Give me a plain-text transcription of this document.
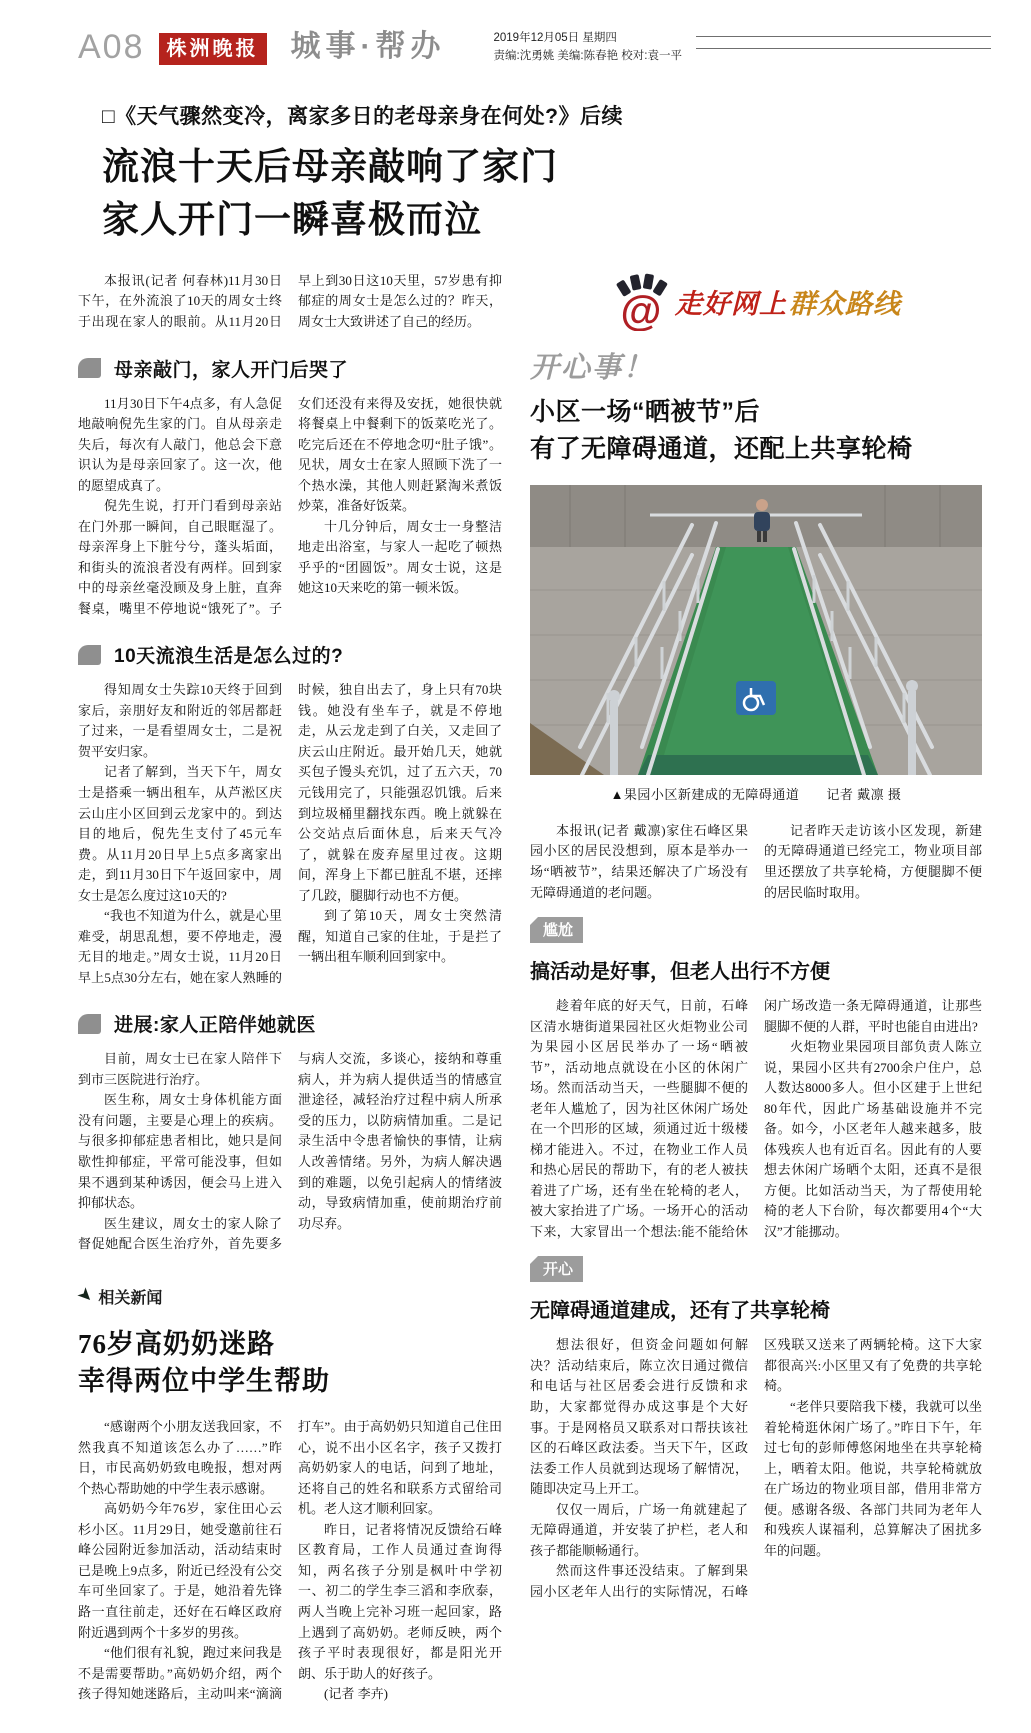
A08	株洲晚报 城事·帮办	2019年12月05日 星期四
责编:沈勇姚 美编:陈春艳 校对:袁一平
□《天气骤然变冷，离家多日的老母亲身在何处?》后续
流浪十天后母亲敲响了家门
家人开门一瞬喜极而泣

本报讯(记者 何春林)11月30日下午，在外流浪了10天的周女士终于出现在家人的眼前。从11月20日早上到30日这10天里，57岁患有抑郁症的周女士是怎么过的？昨天，周女士大致讲述了自己的经历。

母亲敲门，家人开门后哭了

11月30日下午4点多，有人急促地敲响倪先生家的门。自从母亲走失后，每次有人敲门，他总会下意识认为是母亲回家了。这一次，他的愿望成真了。

倪先生说，打开门看到母亲站在门外那一瞬间，自己眼眶湿了。母亲浑身上下脏兮兮，蓬头垢面，和街头的流浪者没有两样。回到家中的母亲丝毫没顾及身上脏，直奔餐桌，嘴里不停地说“饿死了”。子女们还没有来得及安抚，她很快就将餐桌上中餐剩下的饭菜吃光了。吃完后还在不停地念叨“肚子饿”。见状，周女士在家人照顾下洗了一个热水澡，其他人则赶紧淘米煮饭炒菜，准备好饭菜。

十几分钟后，周女士一身整洁地走出浴室，与家人一起吃了顿热乎乎的“团圆饭”。周女士说，这是她这10天来吃的第一顿米饭。

10天流浪生活是怎么过的?

得知周女士失踪10天终于回到家后，亲朋好友和附近的邻居都赶了过来，一是看望周女士，二是祝贺平安归家。

记者了解到，当天下午，周女士是搭乘一辆出租车，从芦淞区庆云山庄小区回到云龙家中的。到达目的地后，倪先生支付了45元车费。从11月20日早上5点多离家出走，到11月30日下午返回家中，周女士是怎么度过这10天的?

“我也不知道为什么，就是心里难受，胡思乱想，要不停地走，漫无目的地走。”周女士说，11月20日早上5点30分左右，她在家人熟睡的时候，独自出去了，身上只有70块钱。她没有坐车子，就是不停地走，从云龙走到了白关，又走回了庆云山庄附近。最开始几天，她就买包子馒头充饥，过了五六天，70元钱用完了，只能强忍饥饿。后来到垃圾桶里翻找东西。晚上就躲在公交站点后面休息，后来天气冷了，就躲在废弃屋里过夜。这期间，浑身上下都已脏乱不堪，还摔了几跤，腿脚行动也不方便。

到了第10天，周女士突然清醒，知道自己家的住址，于是拦了一辆出租车顺利回到家中。

进展:家人正陪伴她就医

目前，周女士已在家人陪伴下到市三医院进行治疗。

医生称，周女士身体机能方面没有问题，主要是心理上的疾病。与很多抑郁症患者相比，她只是间歇性抑郁症，平常可能没事，但如果不遇到某种诱因，便会马上进入抑郁状态。

医生建议，周女士的家人除了督促她配合医生治疗外，首先要多与病人交流，多谈心，接纳和尊重病人，并为病人提供适当的情感宣泄途径，减轻治疗过程中病人所承受的压力，以防病情加重。二是记录生活中令患者愉快的事情，让病人改善情绪。另外，为病人解决遇到的难题，以免引起病人的情绪波动，导致病情加重，使前期治疗前功尽弃。

➤ 相关新闻
76岁高奶奶迷路
幸得两位中学生帮助

“感谢两个小朋友送我回家，不然我真不知道该怎么办了……”昨日，市民高奶奶致电晚报，想对两个热心帮助她的中学生表示感谢。

高奶奶今年76岁，家住田心云杉小区。11月29日，她受邀前往石峰公园附近参加活动，活动结束时已是晚上9点多，附近已经没有公交车可坐回家了。于是，她沿着先锋路一直往前走，还好在石峰区政府附近遇到两个十多岁的男孩。

“他们很有礼貌，跑过来问我是不是需要帮助。”高奶奶介绍，两个孩子得知她迷路后，主动叫来“滴滴打车”。由于高奶奶只知道自己住田心，说不出小区名字，孩子又拨打高奶奶家人的电话，问到了地址，还将自己的姓名和联系方式留给司机。老人这才顺利回家。

昨日，记者将情况反馈给石峰区教育局，工作人员通过查询得知，两名孩子分别是枫叶中学初一、初二的学生李三滔和李欣泰，两人当晚上完补习班一起回家，路上遇到了高奶奶。老师反映，两个孩子平时表现很好，都是阳光开朗、乐于助人的好孩子。

(记者 李卉)

@ 走好网上 群众路线
开心事！
小区一场“晒被节”后
有了无障碍通道，还配上共享轮椅
▲果园小区新建成的无障碍通道　　记者 戴凛 摄

本报讯(记者 戴凛)家住石峰区果园小区的居民没想到，原本是举办一场“晒被节”，结果还解决了广场没有无障碍通道的老问题。

记者昨天走访该小区发现，新建的无障碍通道已经完工，物业项目部里还摆放了共享轮椅，方便腿脚不便的居民临时取用。

尴尬
搞活动是好事，但老人出行不方便

趁着年底的好天气，日前，石峰区清水塘街道果园社区火炬物业公司为果园小区居民举办了一场“晒被节”，活动地点就设在小区的休闲广场。然而活动当天，一些腿脚不便的老年人尴尬了，因为社区休闲广场处在一个凹形的区域，须通过近十级楼梯才能进入。不过，在物业工作人员和热心居民的帮助下，有的老人被扶着进了广场，还有坐在轮椅的老人，被大家抬进了广场。一场开心的活动下来，大家冒出一个想法:能不能给休闲广场改造一条无障碍通道，让那些腿脚不便的人群，平时也能自由进出?

火炬物业果园项目部负责人陈立说，果园小区共有2700余户住户，总人数达8000多人。但小区建于上世纪80年代，因此广场基础设施并不完备。如今，小区老年人越来越多，肢体残疾人也有近百名。因此有的人要想去休闲广场晒个太阳，还真不是很方便。比如活动当天，为了帮使用轮椅的老人下台阶，每次都要用4个“大汉”才能挪动。

开心
无障碍通道建成，还有了共享轮椅

想法很好，但资金问题如何解决？活动结束后，陈立次日通过微信和电话与社区居委会进行反馈和求助，大家都觉得办成这事是个大好事。于是网格员又联系对口帮扶该社区的石峰区政法委。当天下午，区政法委工作人员就到达现场了解情况，随即决定马上开工。

仅仅一周后，广场一角就建起了无障碍通道，并安装了护栏，老人和孩子都能顺畅通行。

然而这件事还没结束。了解到果园小区老年人出行的实际情况，石峰区残联又送来了两辆轮椅。这下大家都很高兴:小区里又有了免费的共享轮椅。

“老伴只要陪我下楼，我就可以坐着轮椅逛休闲广场了。”昨日下午，年过七旬的彭师傅悠闲地坐在共享轮椅上，晒着太阳。他说，共享轮椅就放在广场边的物业项目部，借用非常方便。感谢各级、各部门共同为老年人和残疾人谋福利，总算解决了困扰多年的问题。
